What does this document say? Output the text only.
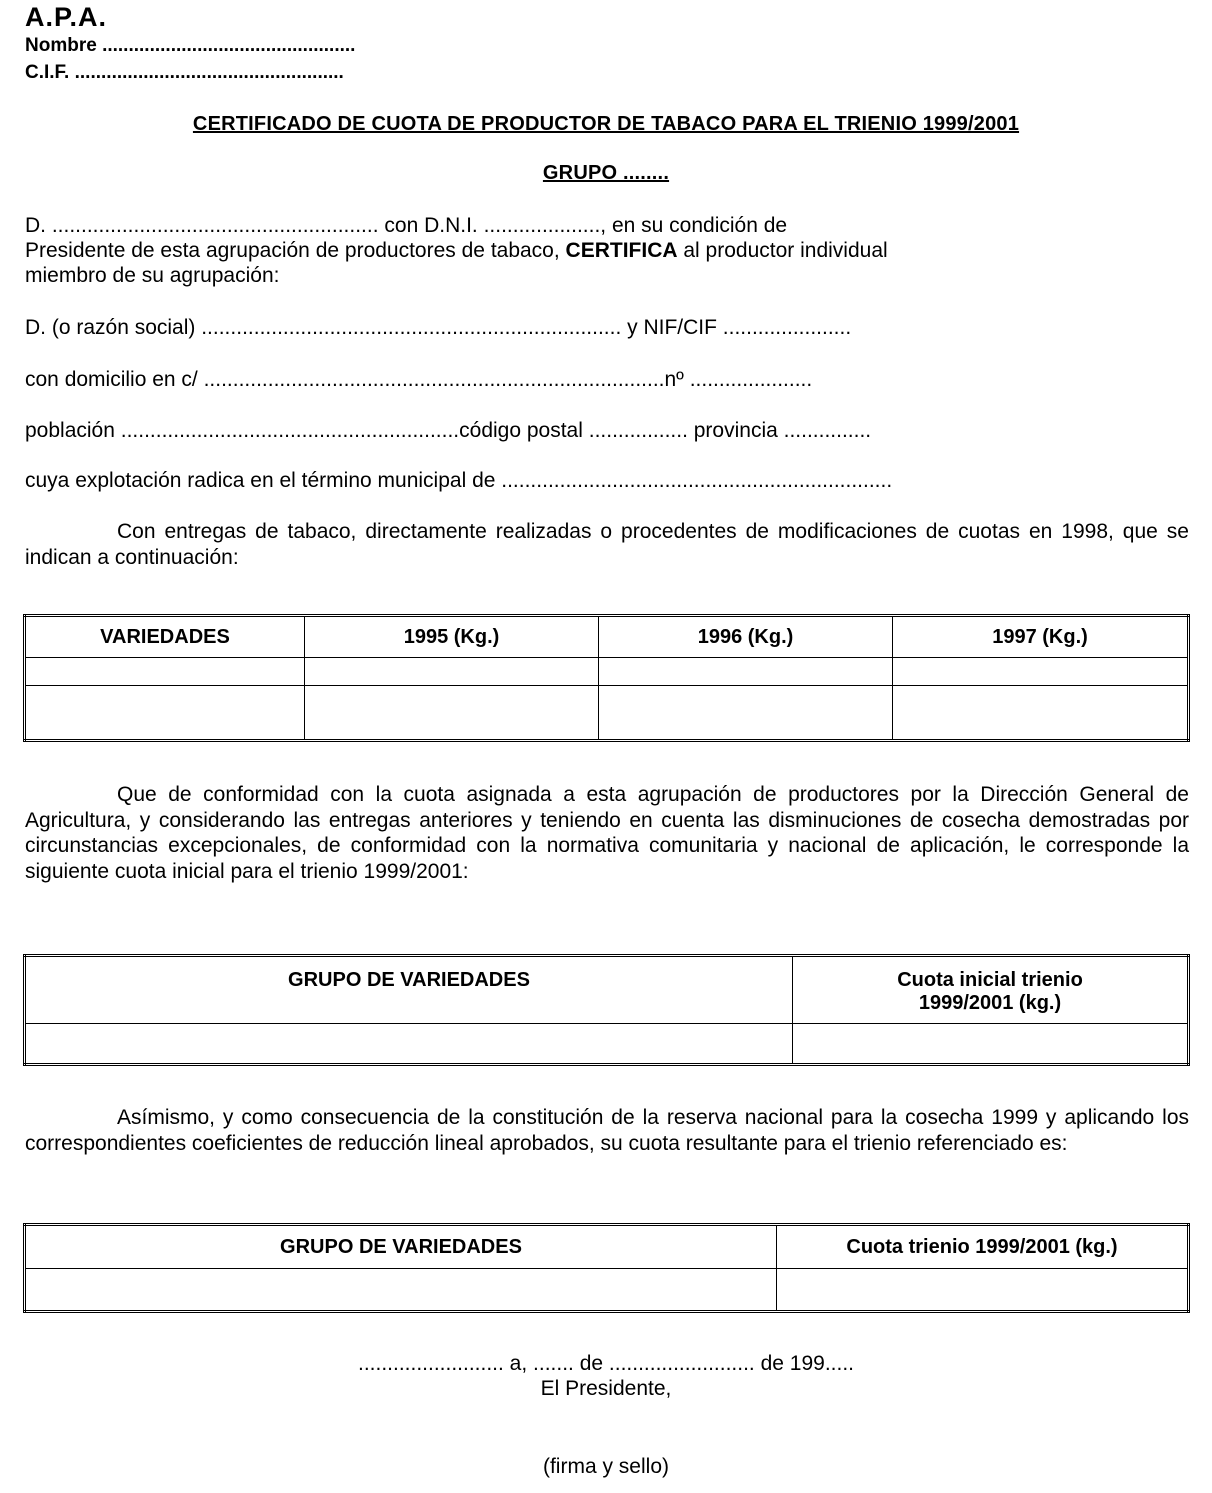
A.P.A.
Nombre ................................................
C.I.F. ...................................................
CERTIFICADO DE CUOTA DE PRODUCTOR DE TABACO PARA EL TRIENIO 1999/2001
GRUPO ........
D. ........................................................ con D.N.I. ...................., en su condición de
Presidente de esta agrupación de productores de tabaco, CERTIFICA al productor individual
miembro de su agrupación:
D. (o razón social) ........................................................................ y NIF/CIF ......................
con domicilio en c/ ...............................................................................nº .....................
población ..........................................................código postal ................. provincia ...............
cuya explotación radica en el término municipal de ...................................................................
Con entregas de tabaco, directamente realizadas o procedentes de modificaciones de cuotas en 1998, que se indican a continuación:
VARIEDADES	1995 (Kg.)	1996 (Kg.)	1997 (Kg.)

Que de conformidad con la cuota asignada a esta agrupación de productores por la Dirección General de Agricultura, y considerando las entregas anteriores y teniendo en cuenta las disminuciones de cosecha demostradas por circunstancias excepcionales, de conformidad con la normativa comunitaria y nacional de aplicación, le corresponde la siguiente cuota inicial para el trienio 1999/2001:
GRUPO DE VARIEDADES	Cuota inicial trienio
1999/2001 (kg.)

Asímismo, y como consecuencia de la constitución de la reserva nacional para la cosecha 1999 y aplicando los correspondientes coeficientes de reducción lineal aprobados, su cuota resultante para el trienio referenciado es:
GRUPO DE VARIEDADES	Cuota trienio 1999/2001 (kg.)

......................... a, ....... de ......................... de 199.....
El Presidente,
(firma y sello)
